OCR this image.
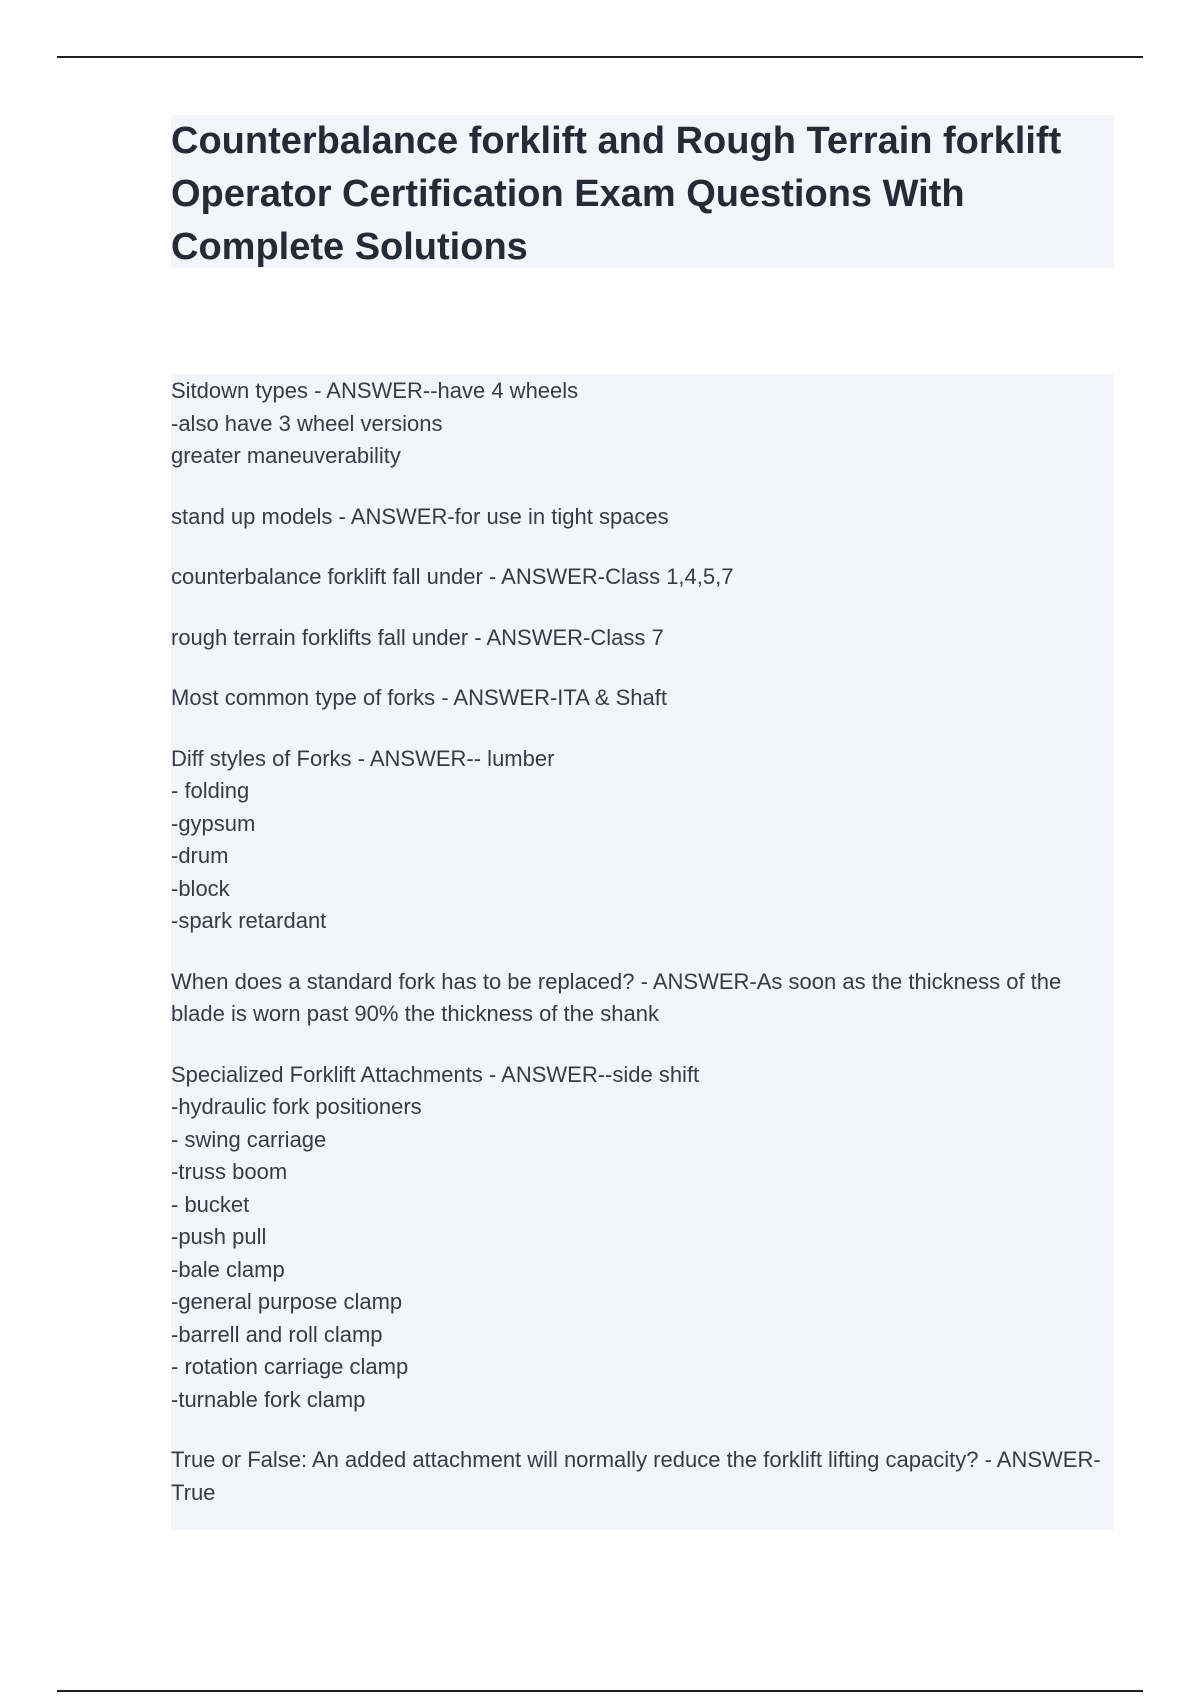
Counterbalance forklift and Rough Terrain forklift Operator Certification Exam Questions With Complete Solutions

Sitdown types - ANSWER--have 4 wheels
-also have 3 wheel versions
greater maneuverability

stand up models - ANSWER-for use in tight spaces

counterbalance forklift fall under - ANSWER-Class 1,4,5,7

rough terrain forklifts fall under - ANSWER-Class 7

Most common type of forks - ANSWER-ITA & Shaft

Diff styles of Forks - ANSWER-- lumber
- folding
-gypsum
-drum
-block
-spark retardant

When does a standard fork has to be replaced? - ANSWER-As soon as the thickness of the blade is worn past 90% the thickness of the shank

Specialized Forklift Attachments - ANSWER--side shift
-hydraulic fork positioners
- swing carriage
-truss boom
- bucket
-push pull
-bale clamp
-general purpose clamp
-barrell and roll clamp
- rotation carriage clamp
-turnable fork clamp

True or False: An added attachment will normally reduce the forklift lifting capacity? - ANSWER-True
